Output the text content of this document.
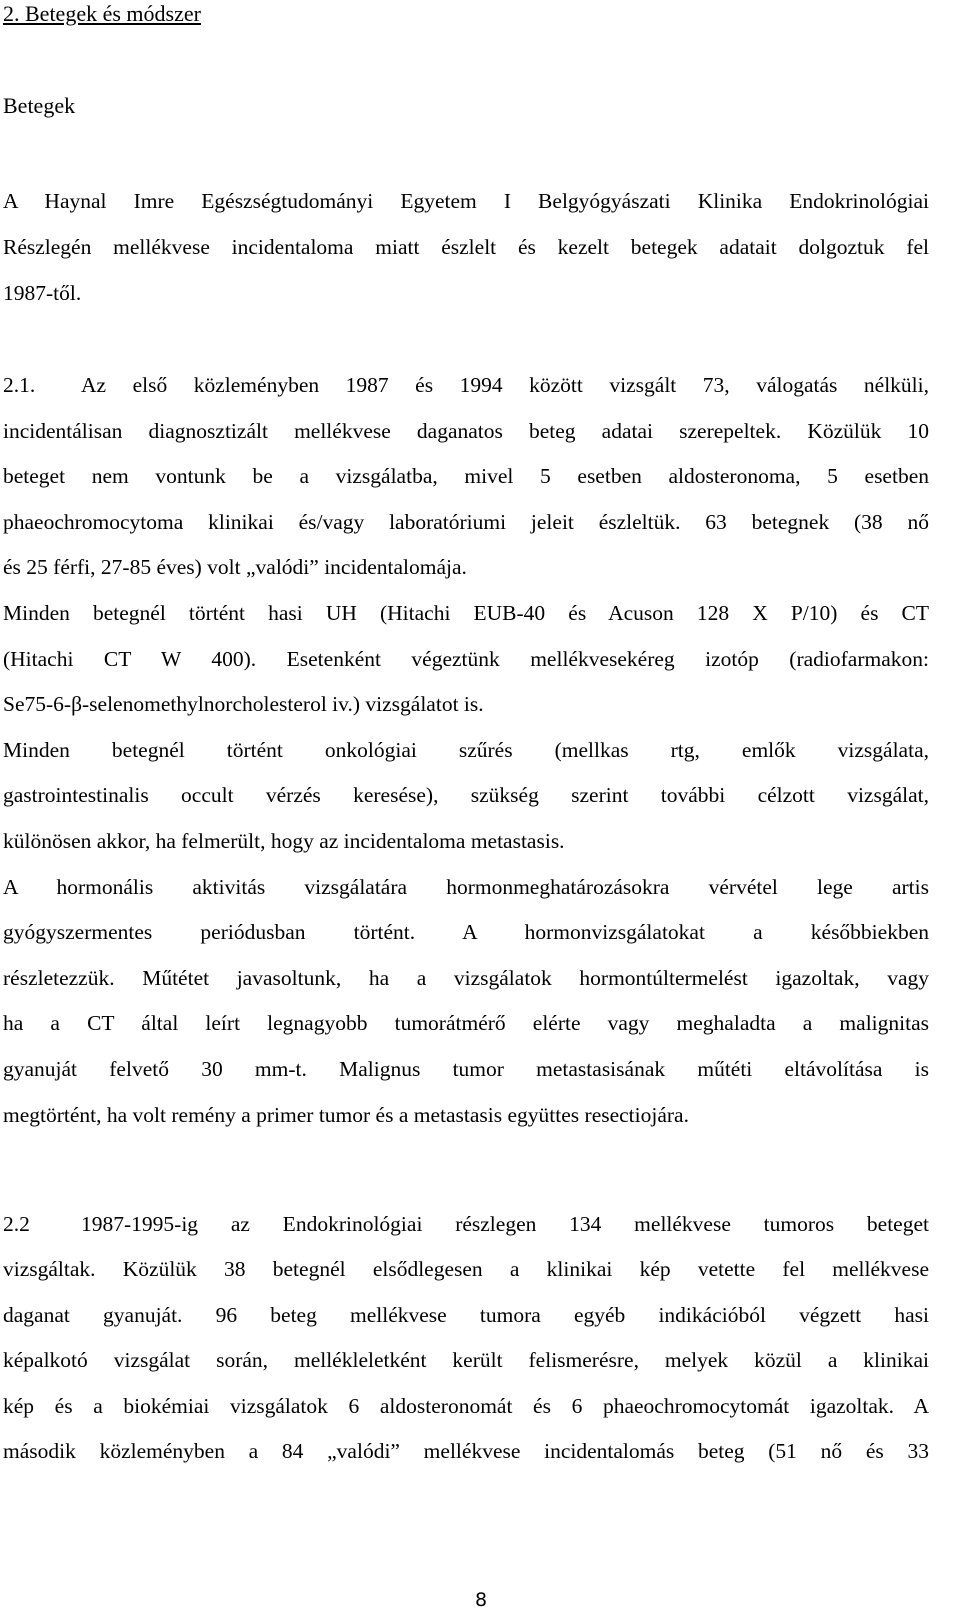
2. Betegek és módszer
Betegek
A Haynal Imre Egészségtudományi Egyetem I Belgyógyászati Klinika Endokrinológiai
Részlegén mellékvese incidentaloma miatt észlelt és kezelt betegek adatait dolgoztuk fel
1987-től.
2.1. Az első közleményben 1987 és 1994 között vizsgált 73, válogatás nélküli,
incidentálisan diagnosztizált mellékvese daganatos beteg adatai szerepeltek. Közülük 10
beteget nem vontunk be a vizsgálatba, mivel 5 esetben aldosteronoma, 5 esetben
phaeochromocytoma klinikai és/vagy laboratóriumi jeleit észleltük. 63 betegnek (38 nő
és 25 férfi, 27-85 éves) volt „valódi” incidentalomája.
Minden betegnél történt hasi UH (Hitachi EUB-40 és Acuson 128 X P/10) és CT
(Hitachi CT W 400). Esetenként végeztünk mellékvesekéreg izotóp (radiofarmakon:
Se75-6-β-selenomethylnorcholesterol iv.) vizsgálatot is.
Minden betegnél történt onkológiai szűrés (mellkas rtg, emlők vizsgálata,
gastrointestinalis occult vérzés keresése), szükség szerint további célzott vizsgálat,
különösen akkor, ha felmerült, hogy az incidentaloma metastasis.
A hormonális aktivitás vizsgálatára hormonmeghatározásokra vérvétel lege artis
gyógyszermentes periódusban történt. A hormonvizsgálatokat a későbbiekben
részletezzük. Műtétet javasoltunk, ha a vizsgálatok hormontúltermelést igazoltak, vagy
ha a CT által leírt legnagyobb tumorátmérő elérte vagy meghaladta a malignitas
gyanuját felvető 30 mm-t. Malignus tumor metastasisának műtéti eltávolítása is
megtörtént, ha volt remény a primer tumor és a metastasis együttes resectiojára.
2.2 1987-1995-ig az Endokrinológiai részlegen 134 mellékvese tumoros beteget
vizsgáltak. Közülük 38 betegnél elsődlegesen a klinikai kép vetette fel mellékvese
daganat gyanuját. 96 beteg mellékvese tumora egyéb indikációból végzett hasi
képalkotó vizsgálat során, mellékleletként került felismerésre, melyek közül a klinikai
kép és a biokémiai vizsgálatok 6 aldosteronomát és 6 phaeochromocytomát igazoltak. A
második közleményben a 84 „valódi” mellékvese incidentalomás beteg (51 nő és 33
8
